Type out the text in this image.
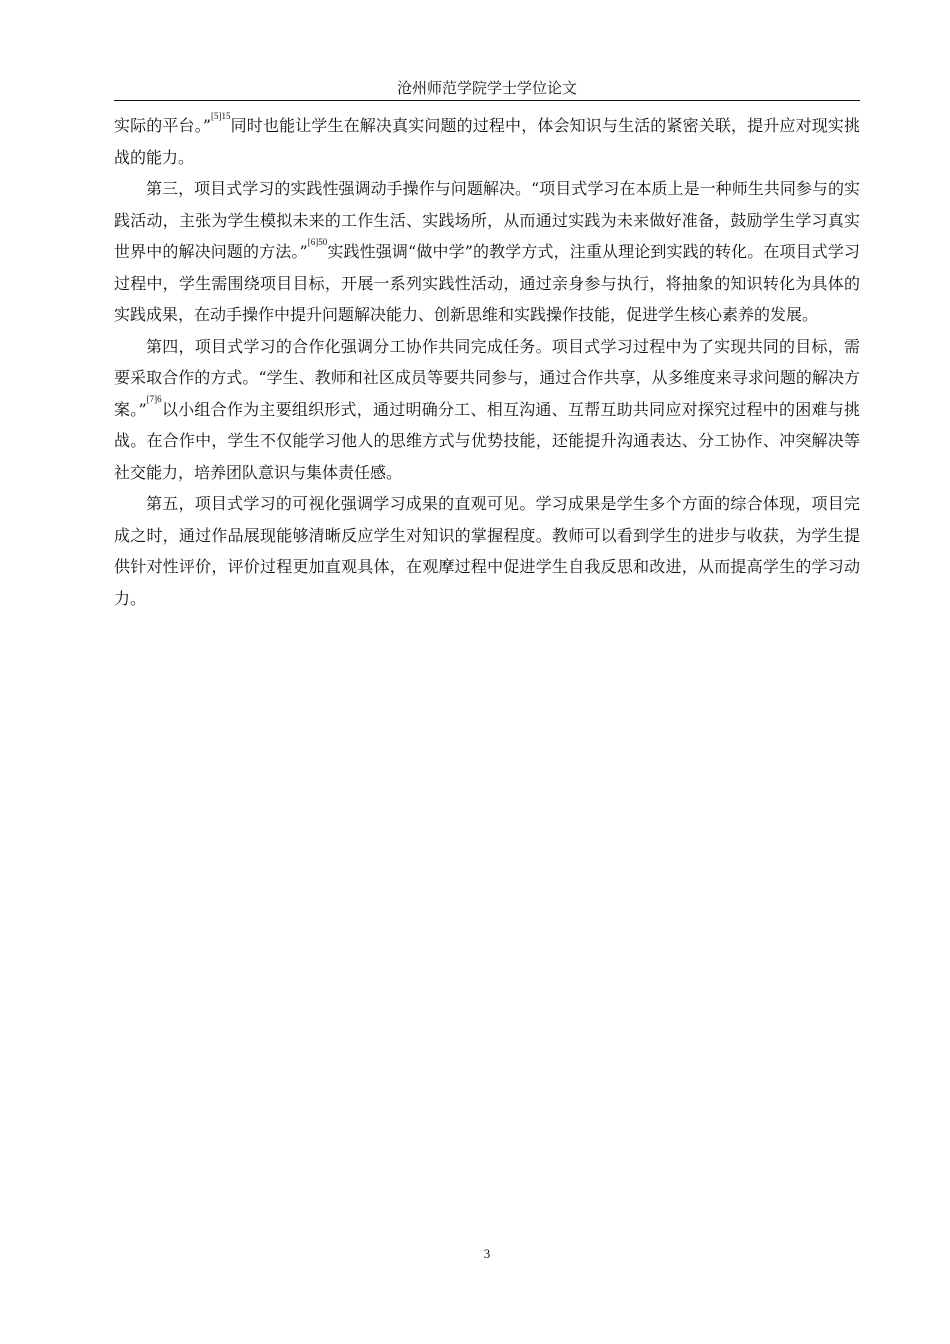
沧州师范学院学士学位论文

实际的平台。”$^{[5]15}$同时也能让学生在解决真实问题的过程中，体会知识与生活的紧密关联，提升应对现实挑战的能力。

第三，项目式学习的实践性强调动手操作与问题解决。“项目式学习在本质上是一种师生共同参与的实践活动，主张为学生模拟未来的工作生活、实践场所，从而通过实践为未来做好准备，鼓励学生学习真实世界中的解决问题的方法。”$^{[6]50}$实践性强调“做中学”的教学方式，注重从理论到实践的转化。在项目式学习过程中，学生需围绕项目目标，开展一系列实践性活动，通过亲身参与执行，将抽象的知识转化为具体的实践成果，在动手操作中提升问题解决能力、创新思维和实践操作技能，促进学生核心素养的发展。

第四，项目式学习的合作化强调分工协作共同完成任务。项目式学习过程中为了实现共同的目标，需要采取合作的方式。“学生、教师和社区成员等要共同参与，通过合作共享，从多维度来寻求问题的解决方案。”$^{[7]6}$以小组合作为主要组织形式，通过明确分工、相互沟通、互帮互助共同应对探究过程中的困难与挑战。在合作中，学生不仅能学习他人的思维方式与优势技能，还能提升沟通表达、分工协作、冲突解决等社交能力，培养团队意识与集体责任感。

第五，项目式学习的可视化强调学习成果的直观可见。学习成果是学生多个方面的综合体现，项目完成之时，通过作品展现能够清晰反应学生对知识的掌握程度。教师可以看到学生的进步与收获，为学生提供针对性评价，评价过程更加直观具体，在观摩过程中促进学生自我反思和改进，从而提高学生的学习动力。

3
